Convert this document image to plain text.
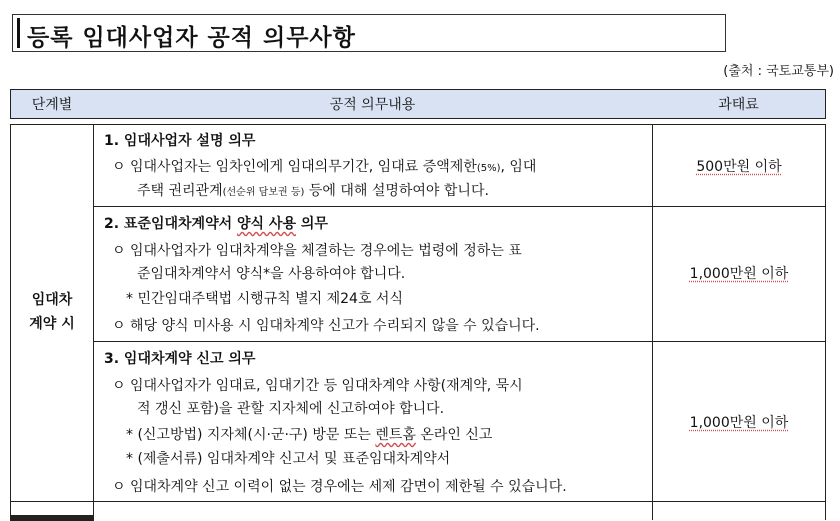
등록 임대사업자 공적 의무사항
(출처 : 국토교통부)
단계별	공적 의무내용	과태료
임대차
계약 시
1. 임대사업자 설명 의무
ㅇ 임대사업자는 임차인에게 임대의무기간, 임대료 증액제한(5%), 임대
주택 권리관계(선순위 담보권 등) 등에 대해 설명하여야 합니다.
500만원 이하
2. 표준임대차계약서 양식 사용 의무
ㅇ 임대사업자가 임대차계약을 체결하는 경우에는 법령에 정하는 표
준임대차계약서 양식*을 사용하여야 합니다.
* 민간임대주택법 시행규칙 별지 제24호 서식
ㅇ 해당 양식 미사용 시 임대차계약 신고가 수리되지 않을 수 있습니다.
1,000만원 이하
3. 임대차계약 신고 의무
ㅇ 임대사업자가 임대료, 임대기간 등 임대차계약 사항(재계약, 묵시
적 갱신 포함)을 관할 지자체에 신고하여야 합니다.
* (신고방법) 지자체(시·군·구) 방문 또는 렌트홈 온라인 신고
* (제출서류) 임대차계약 신고서 및 표준임대차계약서
ㅇ 임대차계약 신고 이력이 없는 경우에는 세제 감면이 제한될 수 있습니다.
1,000만원 이하
